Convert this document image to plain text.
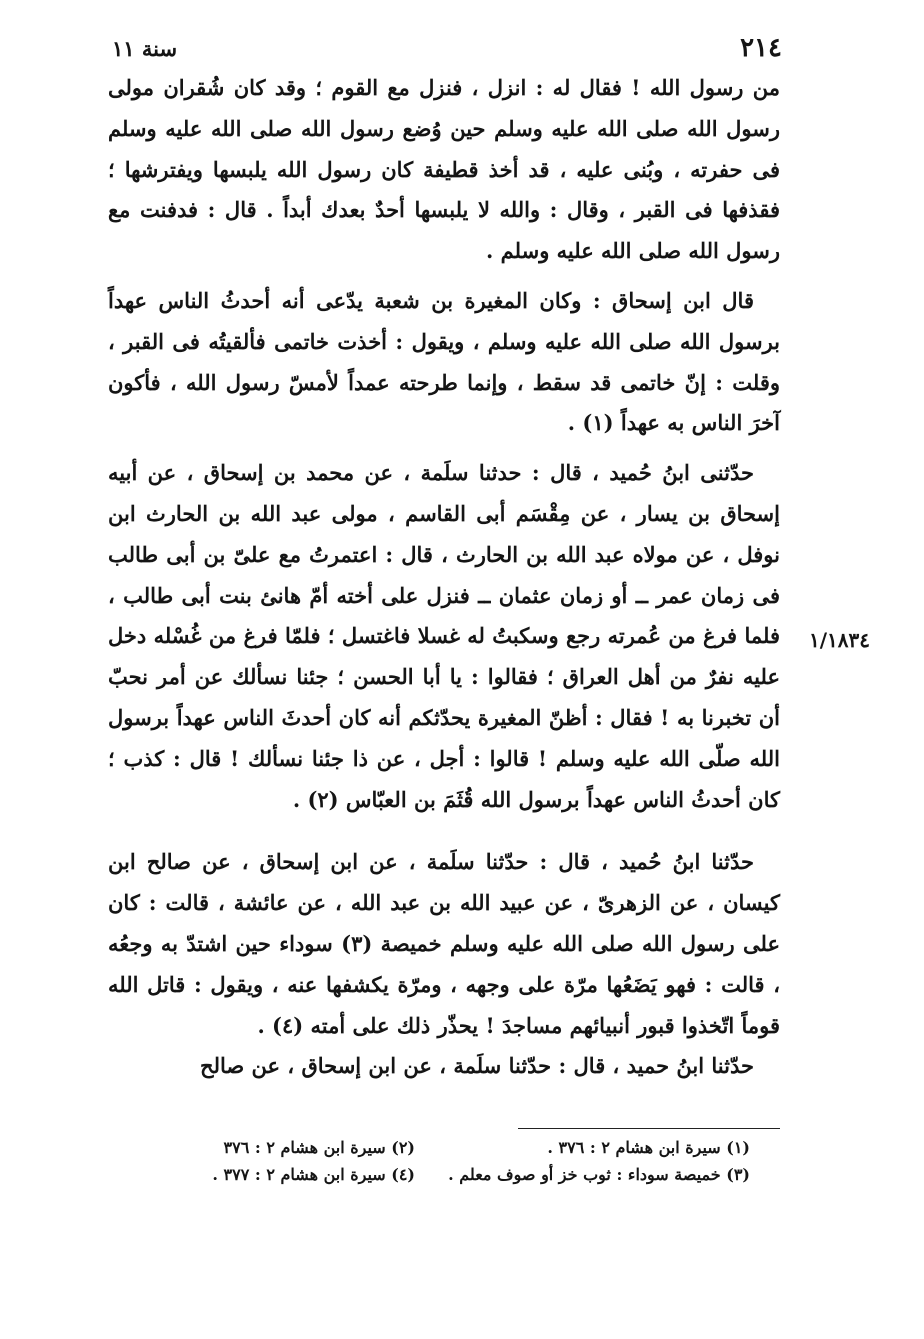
٢١٤
سنة ١١

من رسول الله ! فقال له : انزل ، فنزل مع القوم ؛ وقد كان شُقران مولى رسول الله صلى الله عليه وسلم حين وُضع رسول الله صلى الله عليه وسلم فى حفرته ، وبُنى عليه ، قد أخذ قطيفة كان رسول الله يلبسها ويفترشها ؛ فقذفها فى القبر ، وقال : والله لا يلبسها أحدٌ بعدك أبداً . قال : فدفنت مع رسول الله صلى الله عليه وسلم .

قال ابن إسحاق : وكان المغيرة بن شعبة يدّعى أنه أحدثُ الناس عهداً برسول الله صلى الله عليه وسلم ، ويقول : أخذت خاتمى فألقيتُه فى القبر ، وقلت : إنّ خاتمى قد سقط ، وإنما طرحته عمداً لأمسّ رسول الله ، فأكون آخرَ الناس به عهداً (١) .

حدّثنى ابنُ حُميد ، قال : حدثنا سلَمة ، عن محمد بن إسحاق ، عن أبيه إسحاق بن يسار ، عن مِقْسَم أبى القاسم ، مولى عبد الله بن الحارث ابن نوفل ، عن مولاه عبد الله بن الحارث ، قال : اعتمرتُ مع علىّ بن أبى طالب فى زمان عمر ــ أو زمان عثمان ــ فنزل على أخته أمّ هانئ بنت أبى طالب ، فلما فرغ من عُمرته رجع وسكبتُ له غسلا فاغتسل ؛ فلمّا فرغ من غُسْله دخل عليه نفرٌ من أهل العراق ؛ فقالوا : يا أبا الحسن ؛ جئنا نسألك عن أمر نحبّ أن تخبرنا به ! فقال : أظنّ المغيرة يحدّثكم أنه كان أحدثَ الناس عهداً برسول الله صلّى الله عليه وسلم ! قالوا : أجل ، عن ذا جئنا نسألك ! قال : كذب ؛ كان أحدثُ الناس عهداً برسول الله قُثَمَ بن العبّاس (٢) .

حدّثنا ابنُ حُميد ، قال : حدّثنا سلَمة ، عن ابن إسحاق ، عن صالح ابن كيسان ، عن الزهرىّ ، عن عبيد الله بن عبد الله ، عن عائشة ، قالت : كان على رسول الله صلى الله عليه وسلم خميصة (٣) سوداء حين اشتدّ به وجعُه ، قالت : فهو يَضَعُها مرّة على وجهه ، ومرّة يكشفها عنه ، ويقول : قاتل الله قوماً اتّخذوا قبور أنبيائهم مساجدَ ! يحذّر ذلك على أمته (٤) .

حدّثنا ابنُ حميد ، قال : حدّثنا سلَمة ، عن ابن إسحاق ، عن صالح

١/١٨٣٤
(١) سيرة ابن هشام ٢ : ٣٧٦ .
(٢) سيرة ابن هشام ٢ : ٣٧٦
(٣) خميصة سوداء : ثوب خز أو صوف معلم .
(٤) سيرة ابن هشام ٢ : ٣٧٧ .
